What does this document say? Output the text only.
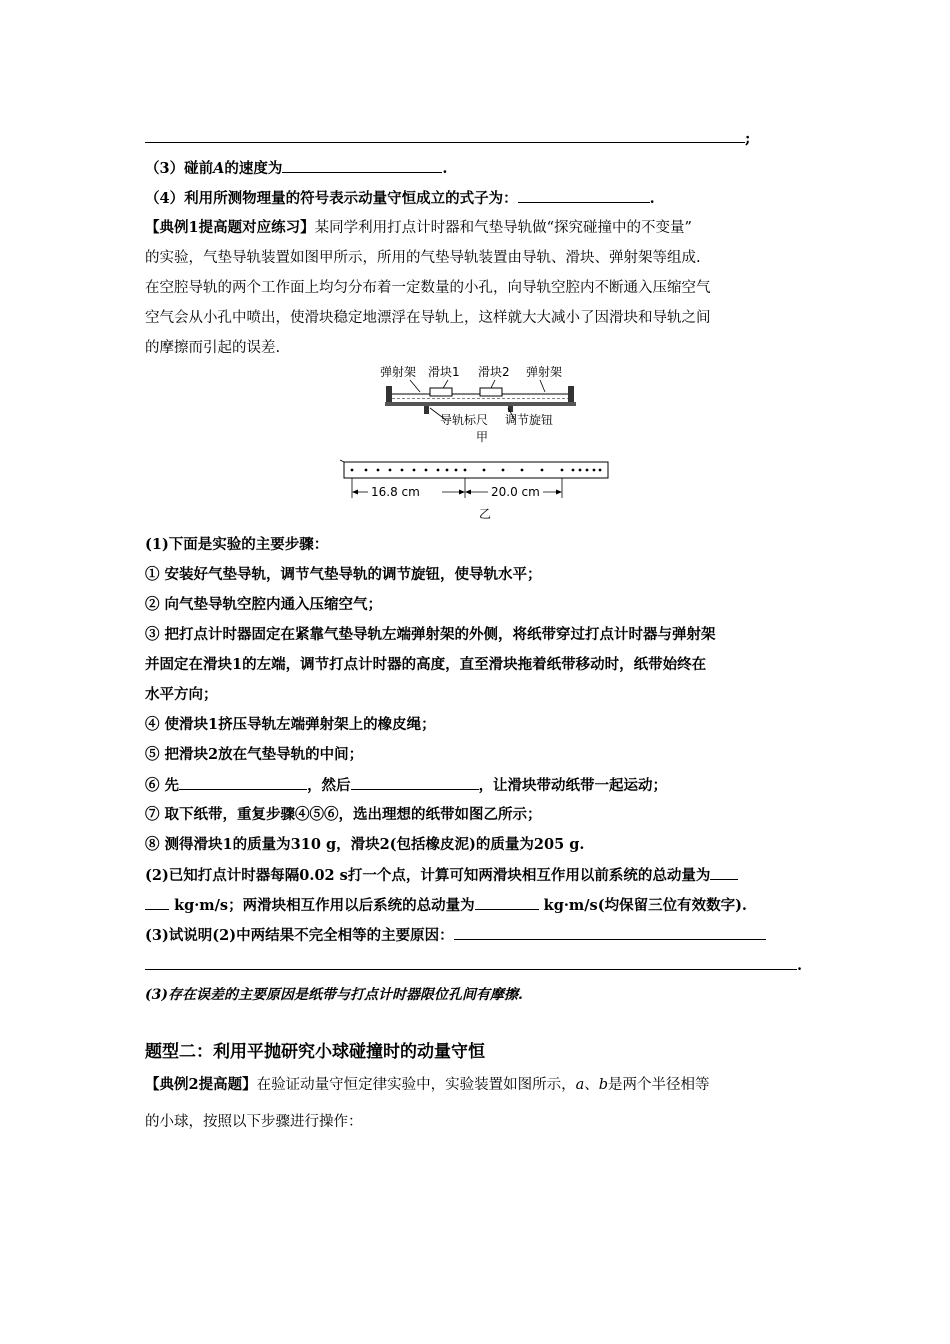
;
（3）碰前A的速度为	.
（4）利用所测物理量的符号表示动量守恒成立的式子为：	.
【典例1提高题对应练习】某同学利用打点计时器和气垫导轨做“探究碰撞中的不变量”
的实验，气垫导轨装置如图甲所示，所用的气垫导轨装置由导轨、滑块、弹射架等组成.
在空腔导轨的两个工作面上均匀分布着一定数量的小孔，向导轨空腔内不断通入压缩空气
空气会从小孔中喷出，使滑块稳定地漂浮在导轨上，这样就大大减小了因滑块和导轨之间
的摩擦而引起的误差.
弹射架 滑块1 滑块2 弹射架
导轨标尺 调节旋钮
甲
16.8 cm	20.0 cm
乙
(1)下面是实验的主要步骤：
① 安装好气垫导轨，调节气垫导轨的调节旋钮，使导轨水平；
② 向气垫导轨空腔内通入压缩空气；
③ 把打点计时器固定在紧靠气垫导轨左端弹射架的外侧，将纸带穿过打点计时器与弹射架
并固定在滑块1的左端，调节打点计时器的高度，直至滑块拖着纸带移动时，纸带始终在
水平方向；
④ 使滑块1挤压导轨左端弹射架上的橡皮绳；
⑤ 把滑块2放在气垫导轨的中间；
⑥ 先	，然后	，让滑块带动纸带一起运动；
⑦ 取下纸带，重复步骤④⑤⑥，选出理想的纸带如图乙所示；
⑧ 测得滑块1的质量为310 g，滑块2(包括橡皮泥)的质量为205 g.
(2)已知打点计时器每隔0.02 s打一个点，计算可知两滑块相互作用以前系统的总动量为
kg·m/s；两滑块相互作用以后系统的总动量为	kg·m/s(均保留三位有效数字).
(3)试说明(2)中两结果不完全相等的主要原因：
.
(3)存在误差的主要原因是纸带与打点计时器限位孔间有摩擦.
题型二：利用平抛研究小球碰撞时的动量守恒
【典例2提高题】在验证动量守恒定律实验中，实验装置如图所示，a、b是两个半径相等
的小球，按照以下步骤进行操作：
